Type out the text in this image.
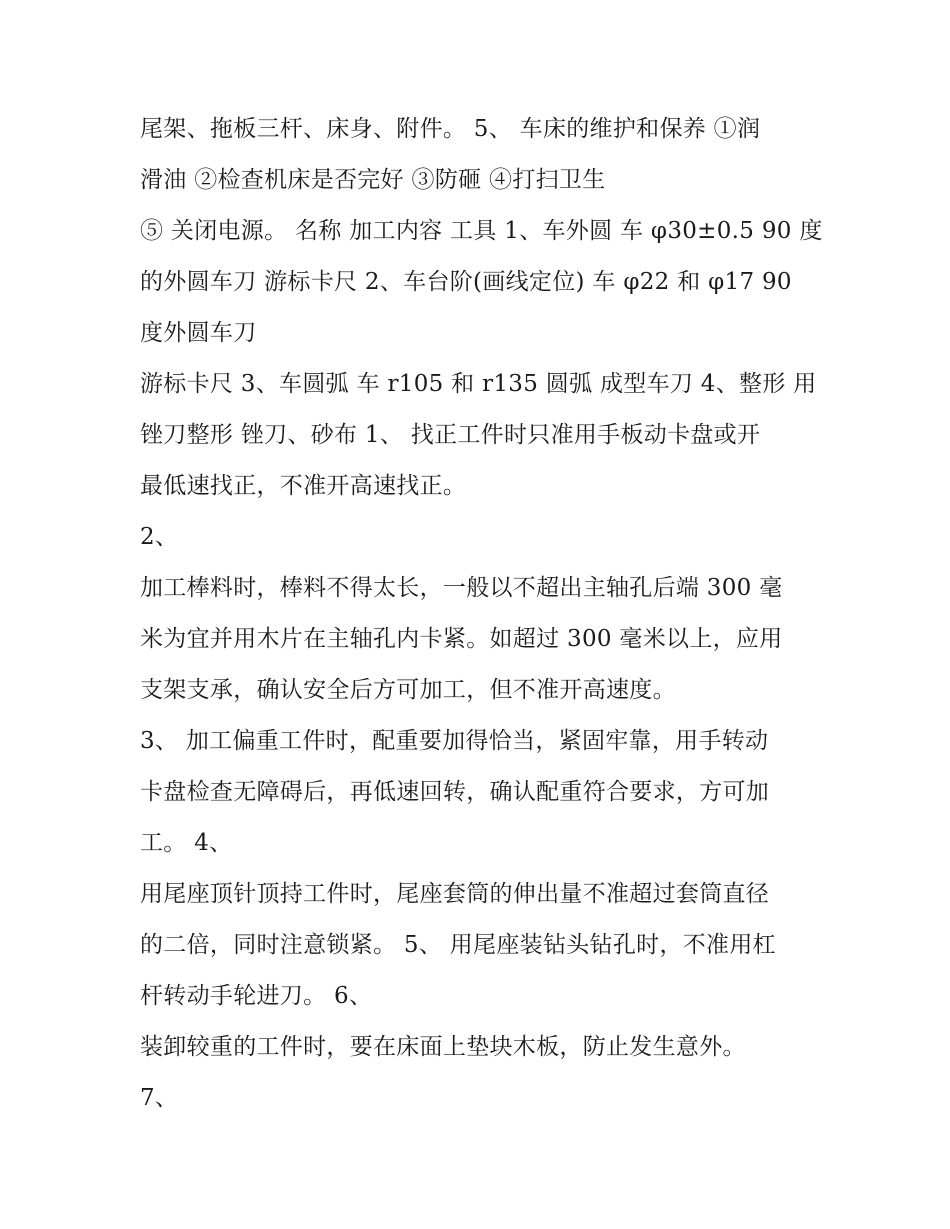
尾架、拖板三杆、床身、附件。 5、 车床的维护和保养 ①润
滑油 ②检查机床是否完好 ③防砸 ④打扫卫生
⑤ 关闭电源。 名称 加工内容 工具 1、车外圆 车 φ30±0.5 90 度
的外圆车刀 游标卡尺 2、车台阶(画线定位) 车 φ22 和 φ17 90
度外圆车刀
游标卡尺 3、车圆弧 车 r105 和 r135 圆弧 成型车刀 4、整形 用
锉刀整形 锉刀、砂布 1、 找正工件时只准用手板动卡盘或开
最低速找正，不准开高速找正。
2、
加工棒料时，棒料不得太长，一般以不超出主轴孔后端 300 毫
米为宜并用木片在主轴孔内卡紧。如超过 300 毫米以上，应用
支架支承，确认安全后方可加工，但不准开高速度。
3、 加工偏重工件时，配重要加得恰当，紧固牢靠，用手转动
卡盘检查无障碍后，再低速回转，确认配重符合要求，方可加
工。 4、
用尾座顶针顶持工件时，尾座套筒的伸出量不准超过套筒直径
的二倍，同时注意锁紧。 5、 用尾座装钻头钻孔时，不准用杠
杆转动手轮进刀。 6、
装卸较重的工件时，要在床面上垫块木板，防止发生意外。
7、
